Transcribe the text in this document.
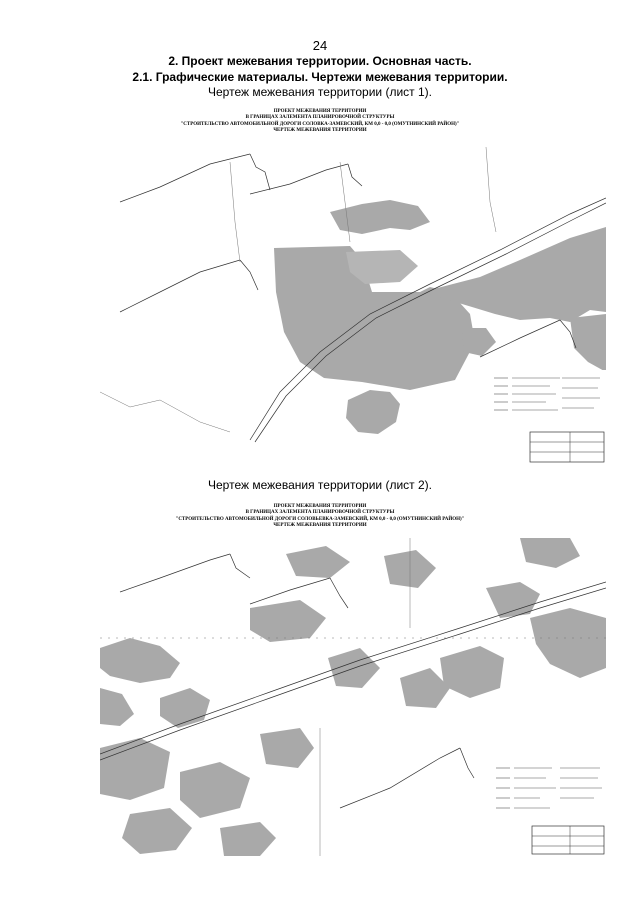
24
2. Проект межевания территории. Основная часть.
2.1. Графические материалы. Чертежи межевания территории.
Чертеж межевания территории (лист 1).
ПРОЕКТ МЕЖЕВАНИЯ ТЕРРИТОРИИ
В ГРАНИЦАХ ЗАЛЕМЕНТА ПЛАНИРОВОЧНОЙ СТРУКТУРЫ
"СТРОИТЕЛЬСТВО АВТОМОБИЛЬНОЙ ДОРОГИ СОЛОВКА-ЗАМЕВСКИЙ, КМ 0,0 - 0,0 (ОМУТНИНСКИЙ РАЙОН)"
ЧЕРТЕЖ МЕЖЕВАНИЯ ТЕРРИТОРИИ
Чертеж межевания территории (лист 2).
ПРОЕКТ МЕЖЕВАНИЯ ТЕРРИТОРИИ
В ГРАНИЦАХ ЗАЛЕМЕНТА ПЛАНИРОВОЧНОЙ СТРУКТУРЫ
"СТРОИТЕЛЬСТВО АВТОМОБИЛЬНОЙ ДОРОГИ СОЛОВЬЕВКА-ЗАМЕВСКИЙ, КМ 0,0 - 0,0 (ОМУТНИНСКИЙ РАЙОН)"
ЧЕРТЕЖ МЕЖЕВАНИЯ ТЕРРИТОРИИ
